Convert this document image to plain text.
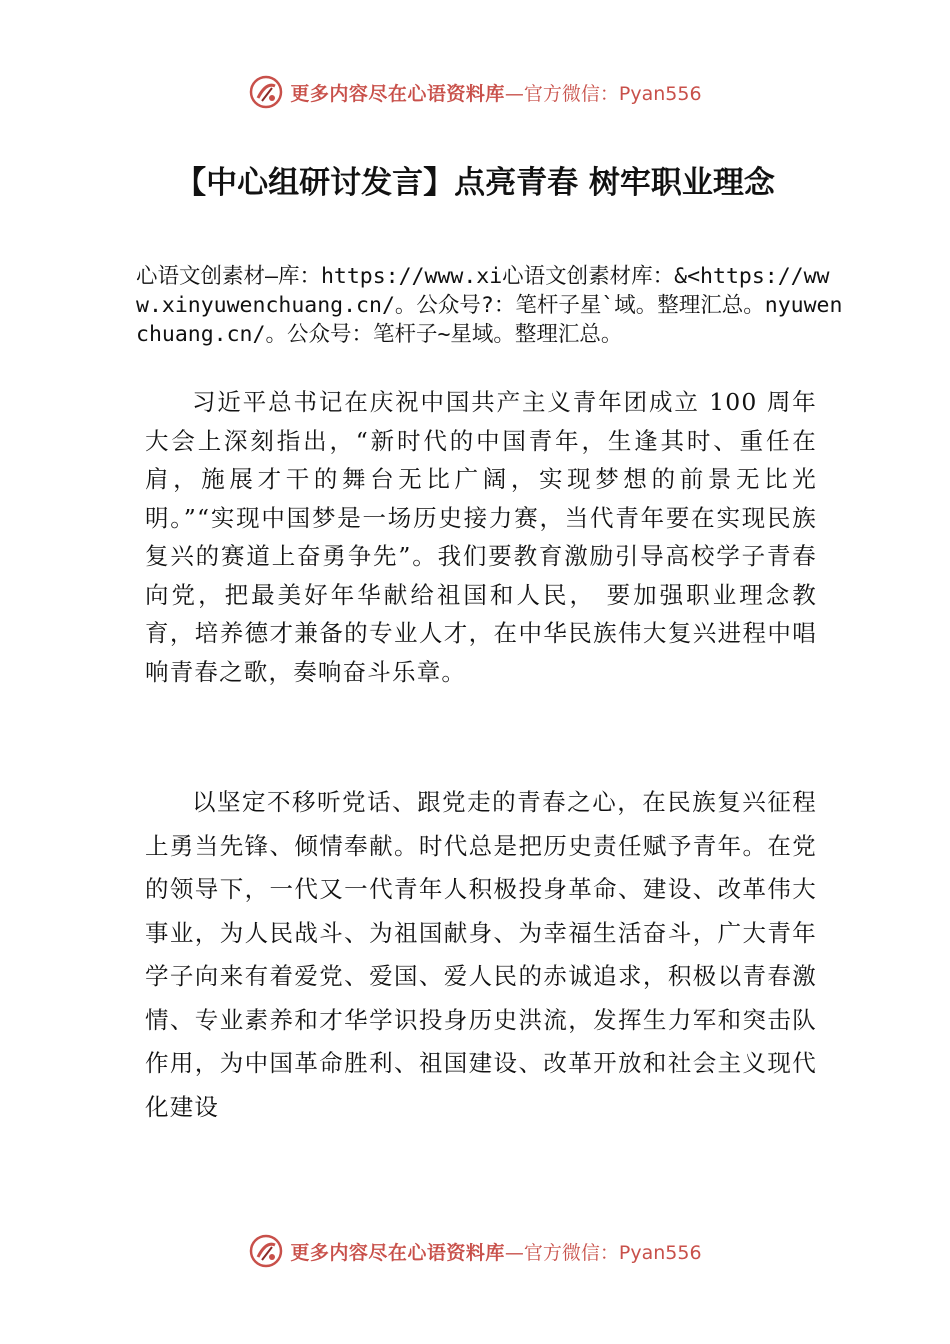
更多内容尽在心语资料库 —官方微信：Pyan556
【中心组研讨发言】点亮青春 树牢职业理念
心语文创素材—库：https://www.xi心语文创素材库：&<https://www.xinyuwenchuang.cn/。公众号?：笔杆子星`域。整理汇总。nyuwenchuang.cn/。公众号：笔杆子~星域。整理汇总。
习近平总书记在庆祝中国共产主义青年团成立 100 周年大会上深刻指出，“新时代的中国青年，生逢其时、重任在肩，施展才干的舞台无比广阔，实现梦想的前景无比光明。”“实现中国梦是一场历史接力赛，当代青年要在实现民族复兴的赛道上奋勇争先”。我们要教育激励引导高校学子青春向党，把最美好年华献给祖国和人民， 要加强职业理念教育，培养德才兼备的专业人才，在中华民族伟大复兴进程中唱响青春之歌，奏响奋斗乐章。
以坚定不移听党话、跟党走的青春之心，在民族复兴征程上勇当先锋、倾情奉献。时代总是把历史责任赋予青年。在党的领导下，一代又一代青年人积极投身革命、建设、改革伟大事业，为人民战斗、为祖国献身、为幸福生活奋斗，广大青年学子向来有着爱党、爱国、爱人民的赤诚追求，积极以青春激情、专业素养和才华学识投身历史洪流，发挥生力军和突击队作用，为中国革命胜利、祖国建设、改革开放和社会主义现代化建设
更多内容尽在心语资料库 —官方微信：Pyan556
